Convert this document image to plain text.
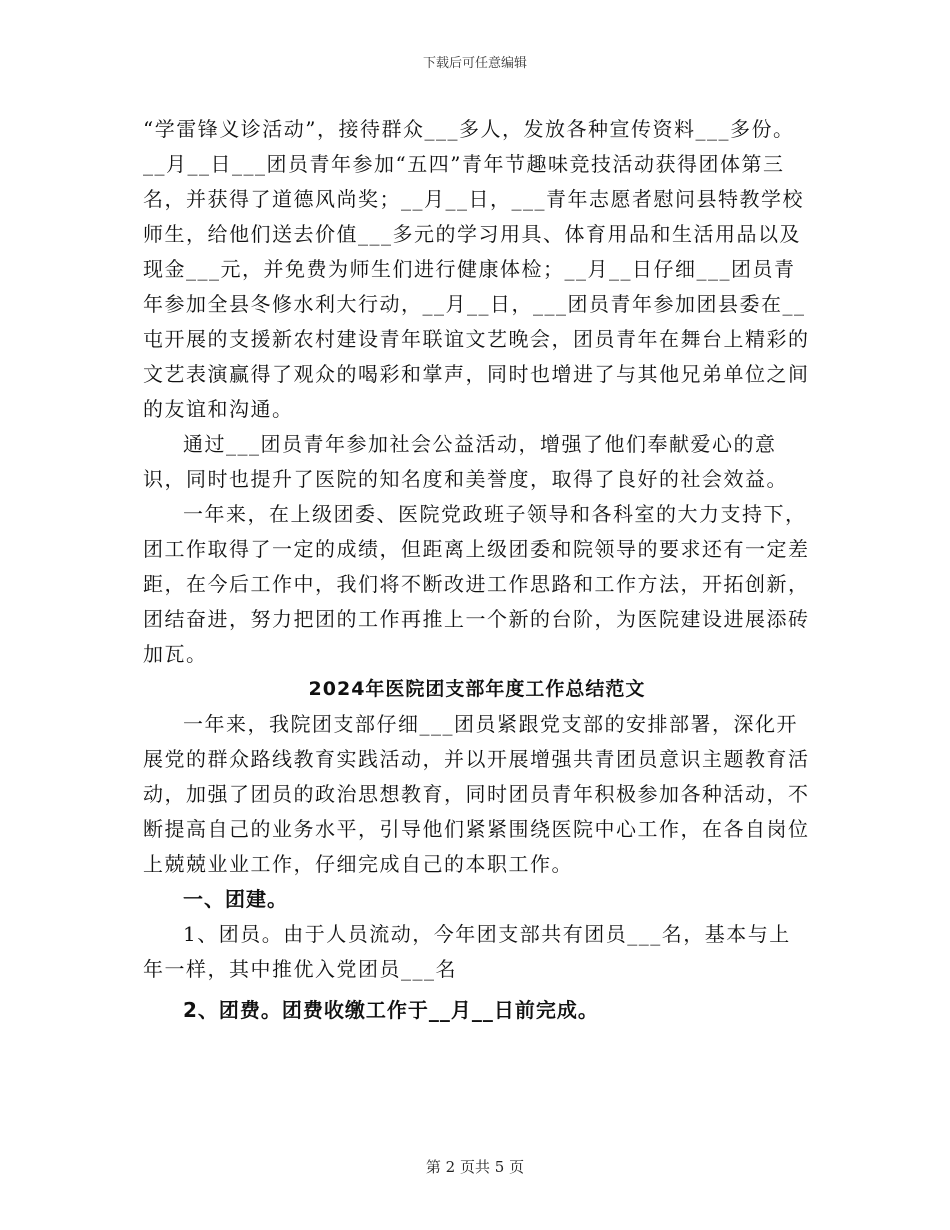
下载后可任意编辑

“学雷锋义诊活动”，接待群众___多人，发放各种宣传资料___多份。__月__日___团员青年参加“五四”青年节趣味竞技活动获得团体第三名，并获得了道德风尚奖；__月__日，___青年志愿者慰问县特教学校师生，给他们送去价值___多元的学习用具、体育用品和生活用品以及现金___元，并免费为师生们进行健康体检；__月__日仔细___团员青年参加全县冬修水利大行动，__月__日，___团员青年参加团县委在__屯开展的支援新农村建设青年联谊文艺晚会，团员青年在舞台上精彩的文艺表演赢得了观众的喝彩和掌声，同时也增进了与其他兄弟单位之间的友谊和沟通。

通过___团员青年参加社会公益活动，增强了他们奉献爱心的意识，同时也提升了医院的知名度和美誉度，取得了良好的社会效益。

一年来，在上级团委、医院党政班子领导和各科室的大力支持下，团工作取得了一定的成绩，但距离上级团委和院领导的要求还有一定差距，在今后工作中，我们将不断改进工作思路和工作方法，开拓创新，团结奋进，努力把团的工作再推上一个新的台阶，为医院建设进展添砖加瓦。

2024年医院团支部年度工作总结范文

一年来，我院团支部仔细___团员紧跟党支部的安排部署，深化开展党的群众路线教育实践活动，并以开展增强共青团员意识主题教育活动，加强了团员的政治思想教育，同时团员青年积极参加各种活动，不断提高自己的业务水平，引导他们紧紧围绕医院中心工作，在各自岗位上兢兢业业工作，仔细完成自己的本职工作。

一、团建。

1、团员。由于人员流动，今年团支部共有团员___名，基本与上年一样，其中推优入党团员___名

2、团费。团费收缴工作于__月__日前完成。

第 2 页共 5 页
